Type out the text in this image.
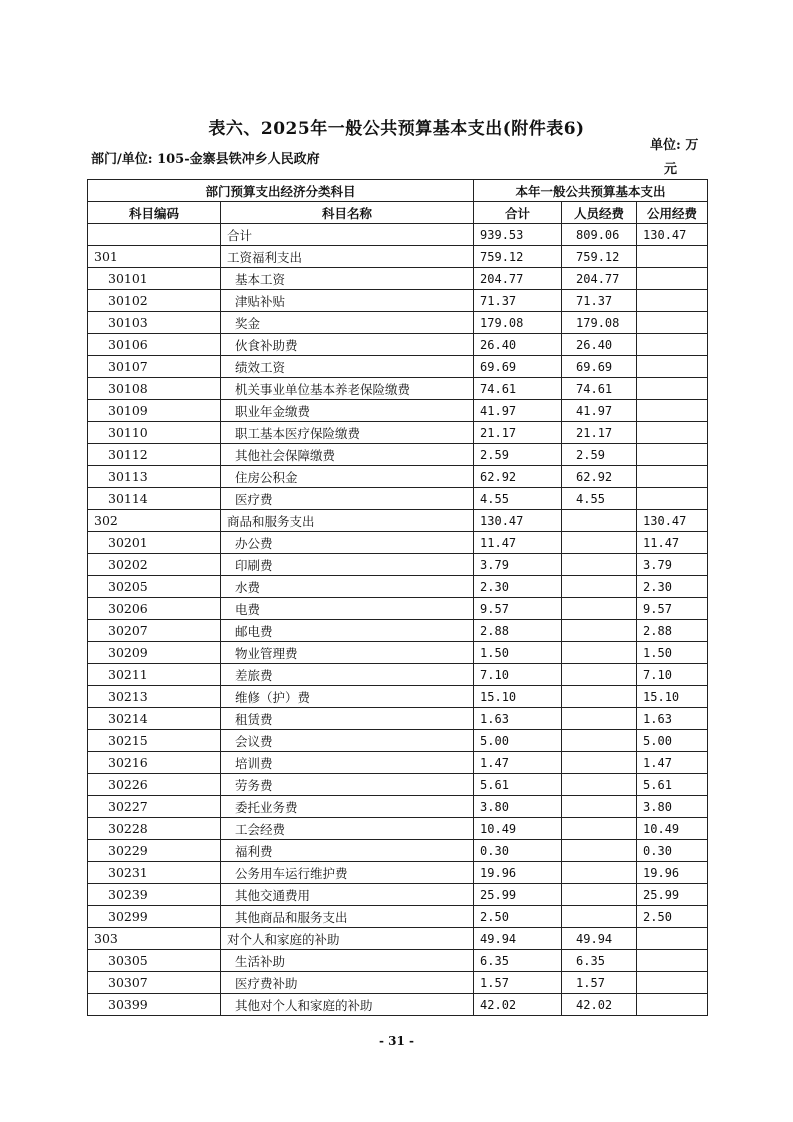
表六、2025年一般公共预算基本支出(附件表6)
部门/单位: 105-金寨县铁冲乡人民政府
单位: 万
元
部门预算支出经济分类科目		本年一般公共预算基本支出		
科目编码	科目名称	合计	人员经费	公用经费
	合计	939.53	809.06	130.47
301	工资福利支出	759.12	759.12	
30101	基本工资	204.77	204.77	
30102	津贴补贴	71.37	71.37	
30103	奖金	179.08	179.08	
30106	伙食补助费	26.40	26.40	
30107	绩效工资	69.69	69.69	
30108	机关事业单位基本养老保险缴费	74.61	74.61	
30109	职业年金缴费	41.97	41.97	
30110	职工基本医疗保险缴费	21.17	21.17	
30112	其他社会保障缴费	2.59	2.59	
30113	住房公积金	62.92	62.92	
30114	医疗费	4.55	4.55	
302	商品和服务支出	130.47		130.47
30201	办公费	11.47		11.47
30202	印刷费	3.79		3.79
30205	水费	2.30		2.30
30206	电费	9.57		9.57
30207	邮电费	2.88		2.88
30209	物业管理费	1.50		1.50
30211	差旅费	7.10		7.10
30213	维修（护）费	15.10		15.10
30214	租赁费	1.63		1.63
30215	会议费	5.00		5.00
30216	培训费	1.47		1.47
30226	劳务费	5.61		5.61
30227	委托业务费	3.80		3.80
30228	工会经费	10.49		10.49
30229	福利费	0.30		0.30
30231	公务用车运行维护费	19.96		19.96
30239	其他交通费用	25.99		25.99
30299	其他商品和服务支出	2.50		2.50
303	对个人和家庭的补助	49.94	49.94	
30305	生活补助	6.35	6.35	
30307	医疗费补助	1.57	1.57	
30399	其他对个人和家庭的补助	42.02	42.02	
- 31 -
